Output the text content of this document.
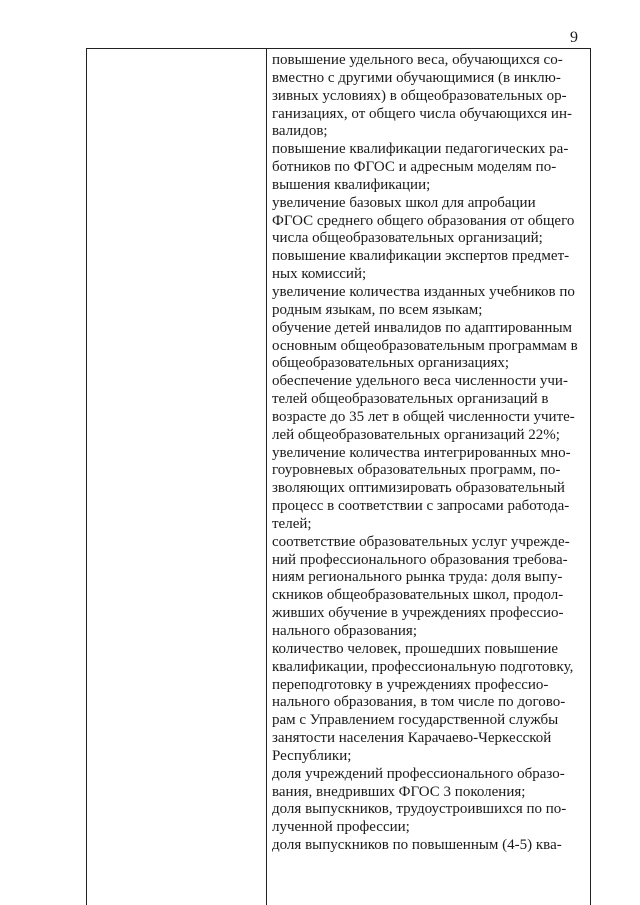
9

повышение удельного веса, обучающихся со-
вместно с другими обучающимися (в инклю-
зивных условиях) в общеобразовательных ор-
ганизациях, от общего числа обучающихся ин-
валидов;

повышение квалификации педагогических ра-
ботников по ФГОС и адресным моделям по-
вышения квалификации;

увеличение базовых школ для апробации
ФГОС среднего общего образования от общего
числа общеобразовательных организаций;

повышение квалификации экспертов предмет-
ных комиссий;

увеличение количества изданных учебников по
родным языкам, по всем языкам;

обучение детей инвалидов по адаптированным
основным общеобразовательным программам в
общеобразовательных организациях;

обеспечение удельного веса численности учи-
телей общеобразовательных организаций в
возрасте до 35 лет в общей численности учите-
лей общеобразовательных организаций 22%;

увеличение количества интегрированных мно-
гоуровневых образовательных программ, по-
зволяющих оптимизировать образовательный
процесс в соответствии с запросами работода-
телей;

соответствие образовательных услуг учрежде-
ний профессионального образования требова-
ниям регионального рынка труда: доля выпу-
скников общеобразовательных школ, продол-
живших обучение в учреждениях профессио-
нального образования;

количество человек, прошедших повышение
квалификации, профессиональную подготовку,
переподготовку в учреждениях профессио-
нального образования, в том числе по догово-
рам с Управлением государственной службы
занятости населения Карачаево-Черкесской
Республики;

доля учреждений профессионального образо-
вания, внедривших ФГОС 3 поколения;

доля выпускников, трудоустроившихся по по-
лученной профессии;

доля выпускников по повышенным (4-5) ква-
